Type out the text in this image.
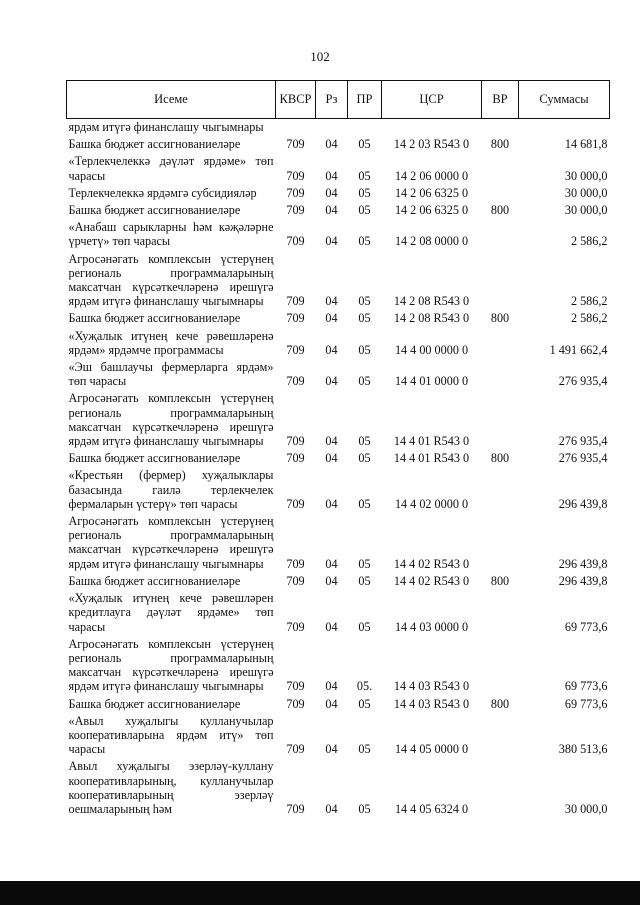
102
Исеме	КВСР	Рз	ПР	ЦСР	ВР	Суммасы
ярдәм итүгә финанслашу чыгымнары						
Башка бюджет ассигнованиеләре	709	04	05	14 2 03 R543 0	800	14 681,8
«Терлекчелеккә дәүләт ярдәме» төп чарасы	709	04	05	14 2 06 0000 0		30 000,0
Терлекчелеккә ярдәмгә субсидияләр	709	04	05	14 2 06 6325 0		30 000,0
Башка бюджет ассигнованиеләре	709	04	05	14 2 06 6325 0	800	30 000,0
«Анабаш сарыкларны һәм кәҗәләрне үрчетү» төп чарасы	709	04	05	14 2 08 0000 0		2 586,2
Агросәнәгать комплексын үстерүнең региональ программаларының максатчан күрсәткечләренә ирешүгә ярдәм итүгә финанслашу чыгымнары	709	04	05	14 2 08 R543 0		2 586,2
Башка бюджет ассигнованиеләре	709	04	05	14 2 08 R543 0	800	2 586,2
«Хуҗалык итүнең кече рәвешләренә ярдәм» ярдәмче программасы	709	04	05	14 4 00 0000 0		1 491 662,4
«Эш башлаучы фермерларга ярдәм» төп чарасы	709	04	05	14 4 01 0000 0		276 935,4
Агросәнәгать комплексын үстерүнең региональ программаларының максатчан күрсәткечләренә ирешүгә ярдәм итүгә финанслашу чыгымнары	709	04	05	14 4 01 R543 0		276 935,4
Башка бюджет ассигнованиеләре	709	04	05	14 4 01 R543 0	800	276 935,4
«Крестьян (фермер) хуҗалыклары базасында гаилә терлекчелек фермаларын үстерү» төп чарасы	709	04	05	14 4 02 0000 0		296 439,8
Агросәнәгать комплексын үстерүнең региональ программаларының максатчан күрсәткечләренә ирешүгә ярдәм итүгә финанслашу чыгымнары	709	04	05	14 4 02 R543 0		296 439,8
Башка бюджет ассигнованиеләре	709	04	05	14 4 02 R543 0	800	296 439,8
«Хуҗалык итүнең кече рәвешләрен кредитлауга дәүләт ярдәме» төп чарасы	709	04	05	14 4 03 0000 0		69 773,6
Агросәнәгать комплексын үстерүнең региональ программаларының максатчан күрсәткечләренә ирешүгә ярдәм итүгә финанслашу чыгымнары	709	04	05.	14 4 03 R543 0		69 773,6
Башка бюджет ассигнованиеләре	709	04	05	14 4 03 R543 0	800	69 773,6
«Авыл хуҗалыгы кулланучылар кооперативларына ярдәм итү» төп чарасы	709	04	05	14 4 05 0000 0		380 513,6
Авыл хуҗалыгы эзерләү-куллану кооперативларының, кулланучылар кооперативларының эзерләү оешмаларының һәм	709	04	05	14 4 05 6324 0		30 000,0
